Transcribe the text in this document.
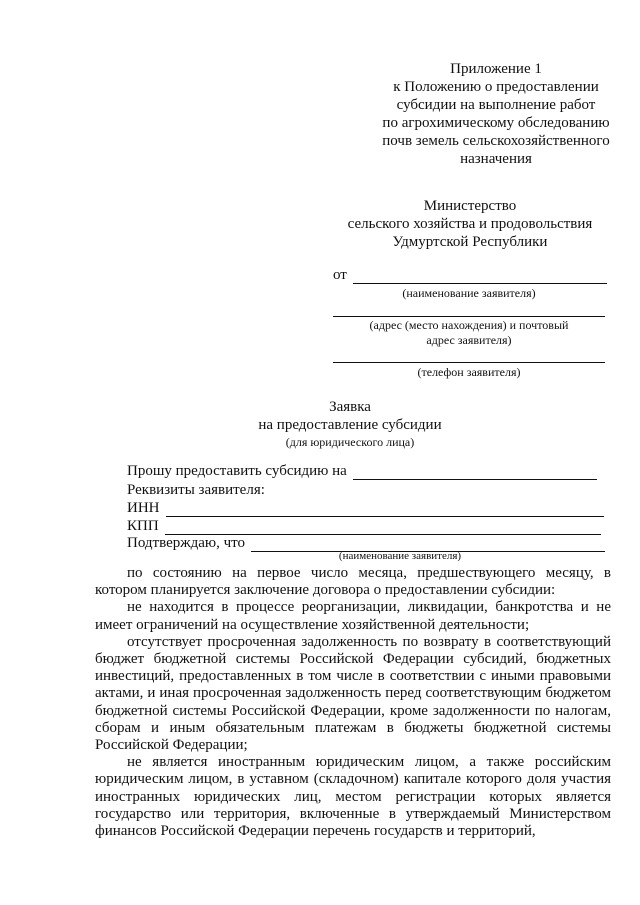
Приложение 1
к Положению о предоставлении
субсидии на выполнение работ
по агрохимическому обследованию
почв земель сельскохозяйственного
назначения
Министерство
сельского хозяйства и продовольствия
Удмуртской Республики
от
(наименование заявителя)
(адрес (место нахождения) и почтовый
адрес заявителя)
(телефон заявителя)
Заявка
на предоставление субсидии
(для юридического лица)
Прошу предоставить субсидию на
Реквизиты заявителя:
ИНН
КПП
Подтверждаю, что
(наименование заявителя)

по состоянию на первое число месяца, предшествующего месяцу, в котором планируется заключение договора о предоставлении субсидии:

не находится в процессе реорганизации, ликвидации, банкротства и не имеет ограничений на осуществление хозяйственной деятельности;

отсутствует просроченная задолженность по возврату в соответствующий бюджет бюджетной системы Российской Федерации субсидий, бюджетных инвестиций, предоставленных в том числе в соответствии с иными правовыми актами, и иная просроченная задолженность перед соответствующим бюджетом бюджетной системы Российской Федерации, кроме задолженности по налогам, сборам и иным обязательным платежам в бюджеты бюджетной системы Российской Федерации;

не является иностранным юридическим лицом, а также российским юридическим лицом, в уставном (складочном) капитале которого доля участия иностранных юридических лиц, местом регистрации которых является государство или территория, включенные в утверждаемый Министерством финансов Российской Федерации перечень государств и территорий,
